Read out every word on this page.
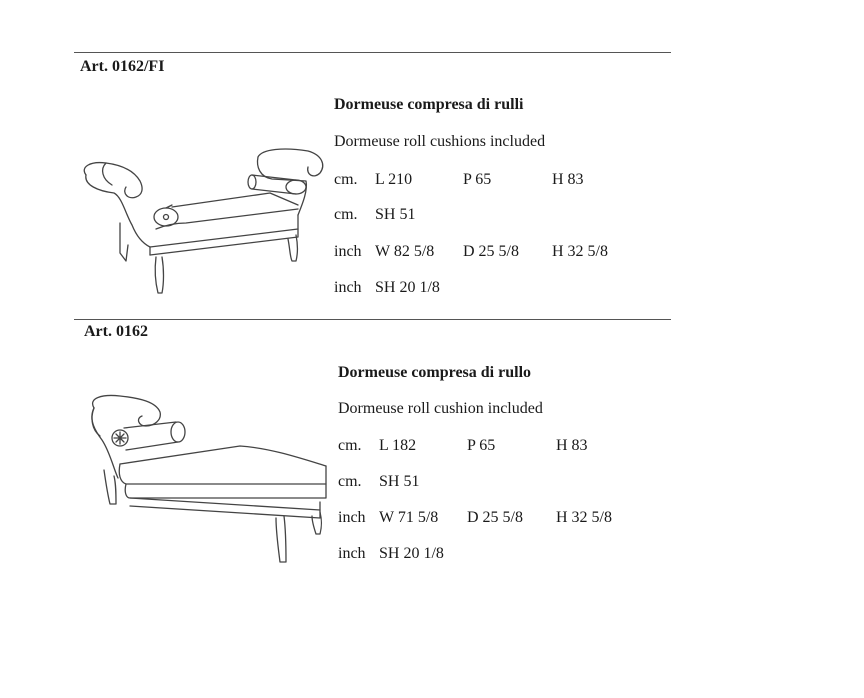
Art. 0162/FI
Dormeuse compresa di rulli
Dormeuse roll cushions included
cm. L 210	P 65	H 83
cm. SH 51
inch W 82 5/8 D 25 5/8 H 32 5/8
inch SH 20 1/8
Art. 0162
Dormeuse compresa di rullo
Dormeuse roll cushion included
cm. L 182	P 65	H 83
cm. SH 51
inch W 71 5/8 D 25 5/8 H 32 5/8
inch SH 20 1/8
